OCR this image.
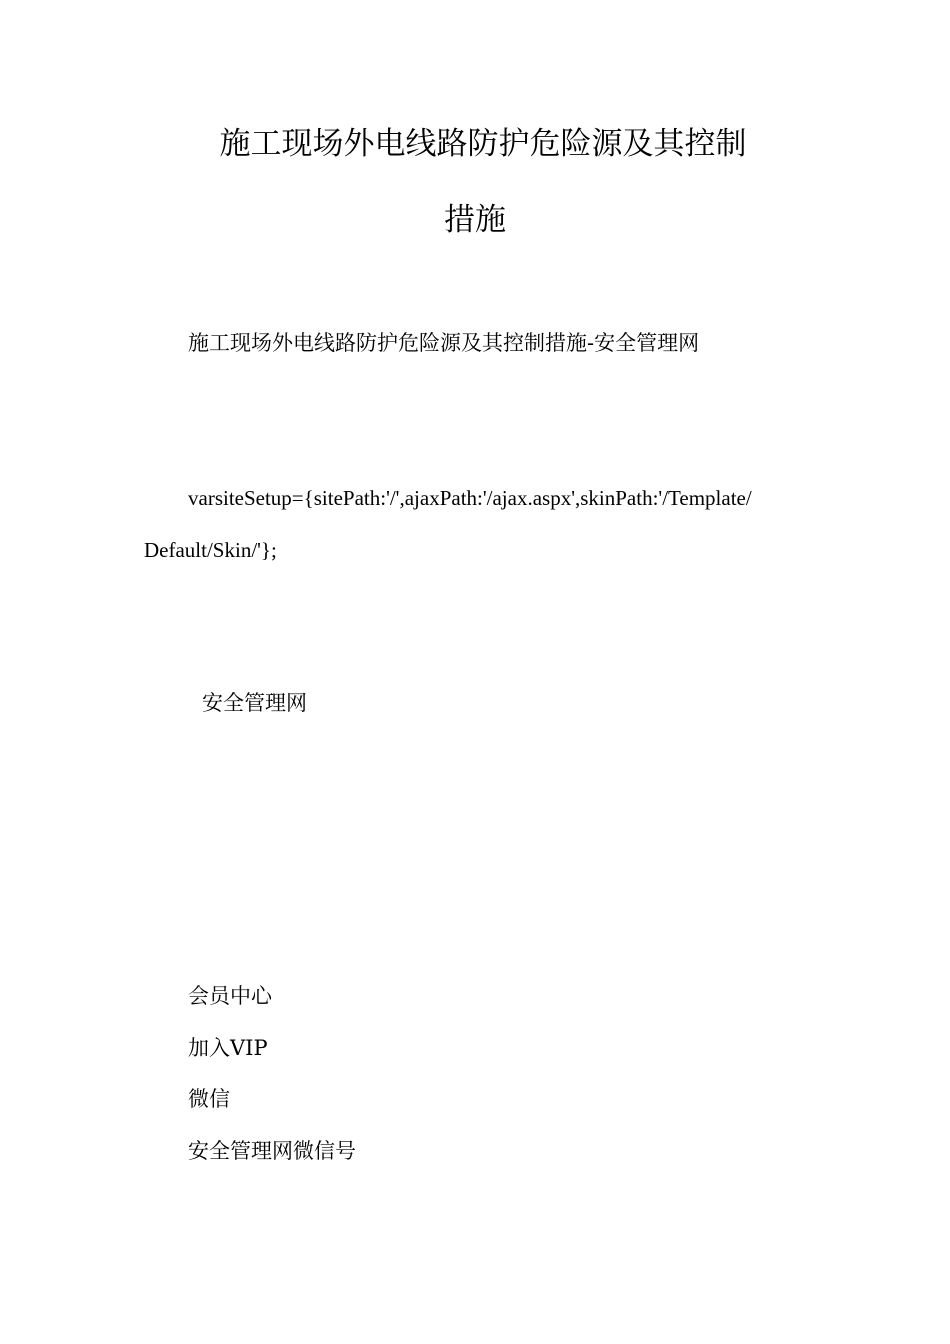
施工现场外电线路防护危险源及其控制
措施
施工现场外电线路防护危险源及其控制措施-安全管理网
varsiteSetup={sitePath:'/',ajaxPath:'/ajax.aspx',skinPath:'/Template/
Default/Skin/'};
安全管理网
会员中心
加入VIP
微信
安全管理网微信号
